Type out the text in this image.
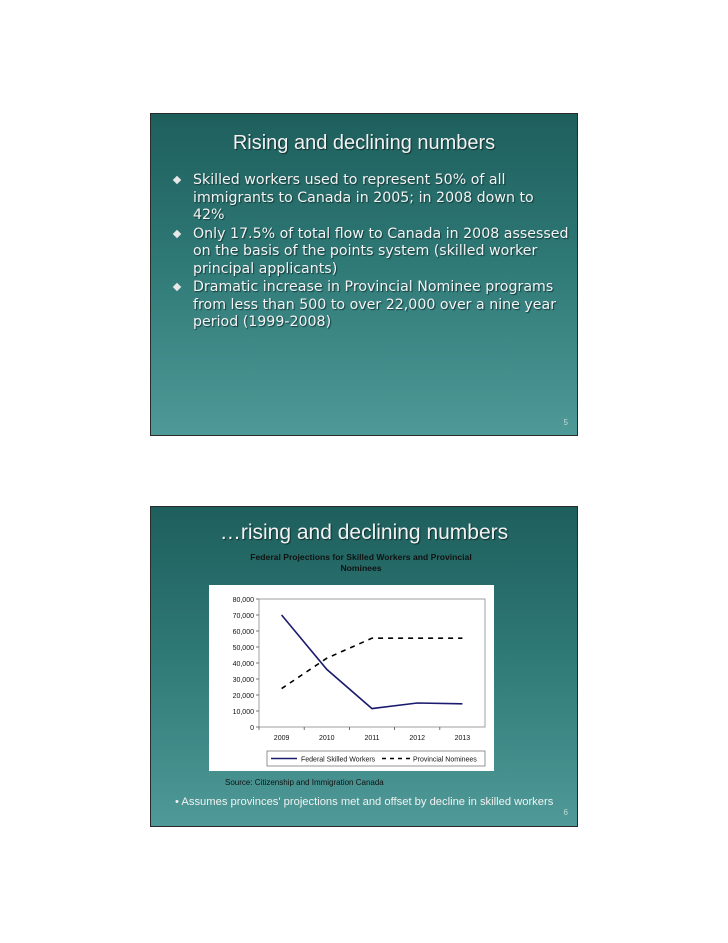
Rising and declining numbers
Skilled workers used to represent 50% of all immigrants to Canada in 2005; in 2008 down to 42%
Only 17.5% of total flow to Canada in 2008 assessed on the basis of the points system (skilled worker principal applicants)
Dramatic increase in Provincial Nominee programs from less than 500 to over 22,000 over a nine year period (1999-2008)
5
…rising and declining numbers
Federal Projections for Skilled Workers and Provincial
Nominees
0
10,000
20,000
30,000
40,000
50,000
60,000
70,000
80,000
2009	2010	2011	2012	2013
Federal Skilled Workers	Provincial Nominees
Source: Citizenship and Immigration Canada
• Assumes provinces' projections met and offset by decline in skilled workers
6
